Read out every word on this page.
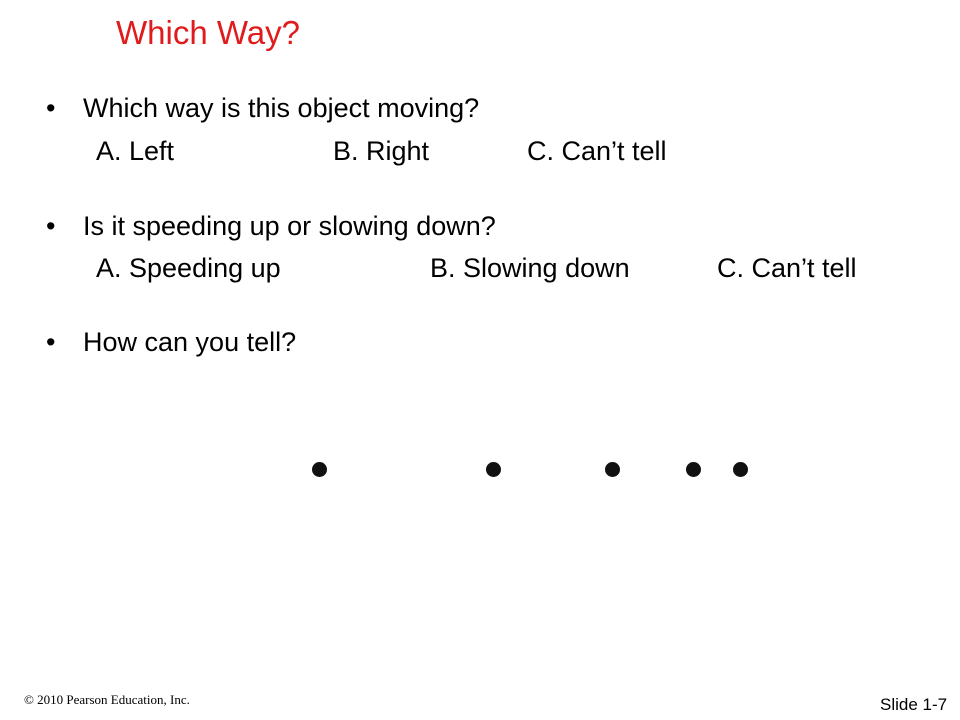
Which Way?
• Which way is this object moving?
A. Left	B. Right	C. Can’t tell
• Is it speeding up or slowing down?
A. Speeding up	B. Slowing down	C. Can’t tell
• How can you tell?
© 2010 Pearson Education, Inc.	Slide 1-7
